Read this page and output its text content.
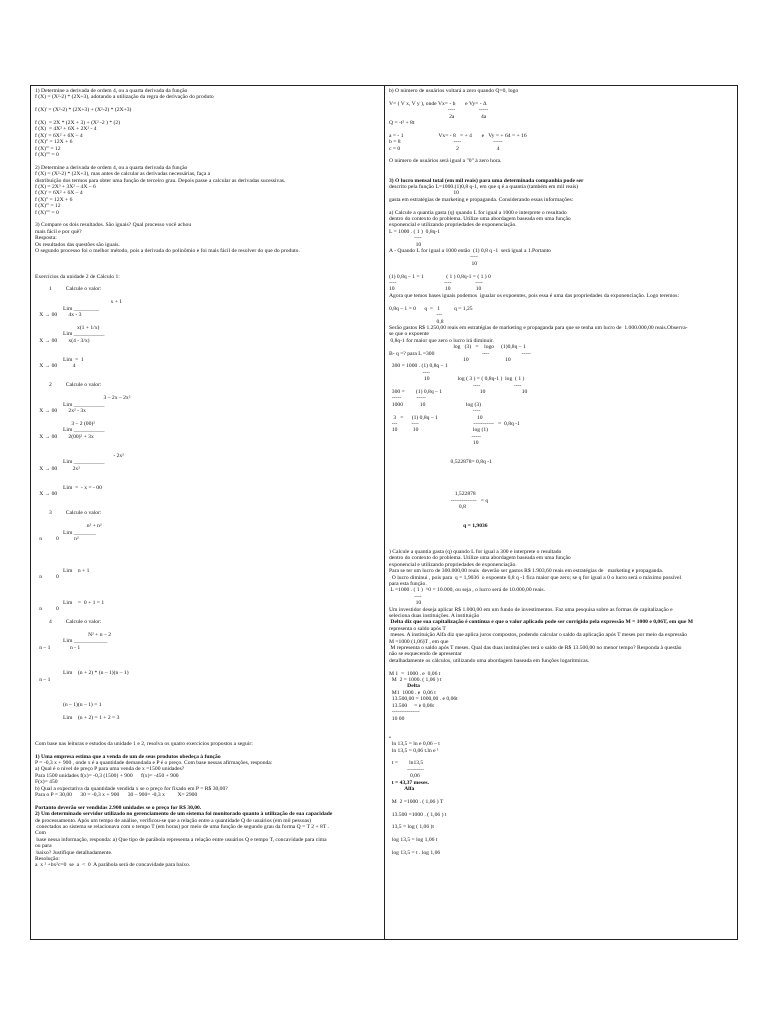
1) Determine a derivada de ordem 4, ou a quarta derivada da função
f (X) = (X²-2) * (2X+3), adotando a utilização da regra de derivação do produto
f (X)' = (X²-2) * (2X+3) + (X²-2) * (2X+3)
f (X)  = 2X * (2X + 3) + (X² -2 ) * (2)
f (X)  = 4X² + 6X + 2X² - 4
f (X)' = 6X² + 6X – 4
f (X)'' = 12X + 6
f (X)''' = 12
f (X)'''' = 0
2) Determine a derivada de ordem 4, ou a quarta derivada da função
f (X) = (X²-2) * (2X+3), mas antes de calcular as derivadas necessárias, faça a
distribuição dos termos para obter uma função de terceiro grau. Depois passe a calcular as derivadas sucessivas.
f (X) = 2X³ + 3X² – 4X – 6
f (X)' = 6X² + 6X – 4
f (X)'' = 12X + 6
f (X)''' = 12
f (X)'''' = 0
3) Compare os dois resultados. São iguais? Qual processo você achou
mais fácil e por quê?
Resposta:
Os resultados das questões são iguais.
O segundo processo foi o melhor método, pois a derivada do polinômio e foi mais fácil de resolver do que do produto.
Exercícios da unidade 2 de Cálculo 1:
1          Calcule o valor:
x + 1
Lim _________
X → 00        4x - 3
x(1 + 1/x)
Lim ___________
X → 00        x(4 - 3/x)
Lim  =  1
X → 00           4
2          Calcule o valor:
3 – 2x – 2x²
Lim ___________
X → 00        2x² - 3x
3 – 2 (00)²
Lim ___________
X → 00        2(00)² + 3x
- 2x²
Lim ___________
X → 00           2x²
Lim  =  - x = - 00
X → 00
3          Calcule o valor:
n² + n²
Lim ________
n          0           n²
Lim    n + 1
n          0
Lim    =  0 + 1 = 1
n          0
4          Calcule o valor:
N² + n – 2
Lim ____________
n – 1              n - 1
Lim    (n + 2) * (n – 1)(n – 1)
n – 1
(n – 1)(n – 1) = 1
Lim    (n + 2) = 1 + 2 = 3
Com base nas leituras e estudos da unidade 1 e 2, resolva os quatro exercícios propostos a seguir:
1) Uma empresa estima que a venda de um de seus produtos obedeça à função
P = -0,3 x + 900 , onde x é a quantidade demandada e P é o preço. Com base nessas afirmações, responda:
a) Qual é o nível de preço P para uma venda de x =1500 unidades?
Para 1500 unidades f(x)= -0,3 (1500) + 900      f(x)= -450 + 900
F(x)= 450
b) Qual a expectativa da quantidade vendida x se o preço for fixado em P = R$ 30,00?
Para o P = 30,00      30 = -0,3 x + 900      30 – 900= -0,3 x         X= 2900
Portanto deverão ser vendidas 2.900 unidades se o preço for R$ 30,00.
2) Um determinado servidor utilizado no gerenciamento de um sistema foi monitorado quanto à utilização de sua capacidade
de processamento. Após um tempo de análise, verificou-se que a relação entre a quantidade Q de usuários (em mil pessoas)
conectados ao sistema se relacionava com o tempo T (em horas) por meio de uma função de segundo grau da forma Q = T 2 + 8T .
Com
base nessa informação, responda: a) Que tipo de parábola representa a relação entre usuários Q e tempo T, concavidade para cima
ou para
baixo? Justifique detalhadamente.
Resolução:
a  x ² +bx²c=0  se  a  <  0  A parábola será de concavidade para baixo.
b) O número de usuários voltará a zero quando Q=0, logo
V= ( V x, V y ), onde Vx= - b       e Vy= - Δ
----                 -----
2a                   4a
Q = -t² + 8t
a = - 1                         Vx= - 8   = + 4       e   Vy = + 64 = + 16
b = 8                                      ----                       -----
c = 0                                        2                           4
O número de usuários será igual a "0" à zero hora.
3) O lucro mensal total (em mil reais) para uma determinada companhia pode ser
descrito pela função L=1000.(1)0,8 q-1, em que q é a quantia (também em mil reais)
10
gasta em estratégias de marketing e propaganda. Considerando essas informações:
a) Calcule a quantia gasta (q) quando L for igual a 1000 e interprete o resultado
dentro do contexto do problema. Utilize uma abordagem baseada em uma função
exponencial e utilizando propriedades de exponenciação.
L = 1000 . ( 1 )  0,8q-1
----
10
A - Quando L for igual a 1000 então  (1) 0,8 q -1  será igual a 1.Portanto
----
10
(1) 0,8q – 1 = 1                ( 1 ) 0,8q-1 = ( 1 ) 0
----                                  ----                 ----
10                                    10                  10
Agora que temos bases iguais podemos  igualar os expoentes, pois essa é uma das propriedades da exponenciação. Logo teremos:
0,8q – 1 = 0      q  =   1          q = 1,25
---
0,8
Serão gastos R$ 1.250,00 reais em estratégias de marketing e propaganda para que se tenha um lucro de  1.000.000,00 reais.Observa-
se que o expoente
0,8q-1 for maior que zero o lucro irá diminuir.
log   (3)   =    logo     (1)0,8q – 1
B- q =? para L =300                                  ----                       -----
10                          10
300 = 1000 . (1) 0,8q – 1
----
10                    log ( 3 ) = ( 0,8q-1 )  log  ( 1 )
----                        ----
300 =        (1) 0,8q – 1                           10                          10
-----           -----
1000            10                             log (3)
----
3   =      (1) 0,8q – 1                            10
---          ----                                       -----------   =  0,8q -1
10           10                                       log (1)
-----
10
0,522878= 0,8q -1
1,522878
--------------   = q
0,8
q = 1,9036
) Calcule a quantia gasta (q) quando L for igual a 300 e interprete o resultado
dentro do contexto do problema. Utilize uma abordagem baseada em uma função
exponencial e utilizando propriedades de exponenciação.
Para se ter um lucro de 300.000,00 reais  deverão ser gastos R$ 1.903,60 reais em estratégias de   marketing e propaganda.
O lucro diminui , pois para  q = 1,9036  o expoente 0,8 q -1 fica maior que zero; se q for igual a 0 o lucro será o máximo possível
para esta função.
L =1000 . ( 1 )  ^0 = 10.000, ou seja , o lucro será de 10.000,00 reais.
----
10
Um investidor deseja aplicar R$ 1.000,00 em um fundo de investimentos. Faz uma pesquisa sobre as formas de capitalização e
seleciona duas instituições. A instituição
Delta diz que sua capitalização é contínua e que o valor aplicado pode ser corrigido pela expressão M = 1000 e 0,06T, em que M
representa o saldo após T
meses. A instituição Alfa diz que aplica juros compostos, podendo calcular o saldo da aplicação após T meses por meio da expressão
M =1000 (1,06)T , em que
M representa o saldo após T meses. Qual das duas instituições terá o saldo de R$ 13.500,00 no menor tempo? Responda à questão
não se esquecendo de apresentar
detalhadamente os cálculos, utilizando uma abordagem baseada em funções logarítmicas.
M 1  =  1000 . e  0,06 t
M  2 = 1000. ( 1,06 ) t
Delta
M1  1000 . e  0,06 t
13.500,00 = 1000,00 . e 0,06t
13.500     = e 0,06t
---------------
10 00
•
ln 13,5 = ln e 0,06 – t
ln 13,5 = 0,06 t.ln e ¹
t =        ln13,5
---------
0,06
t = 43,37 meses.
Alfa
M  2 =1000 . ( 1,06 ) T
13.500 =1000 . ( 1,06 ) t
13,5 = log ( 1,06 )t
log 13,5 = log 1,06 t
log 13,5 = t . log 1,06
